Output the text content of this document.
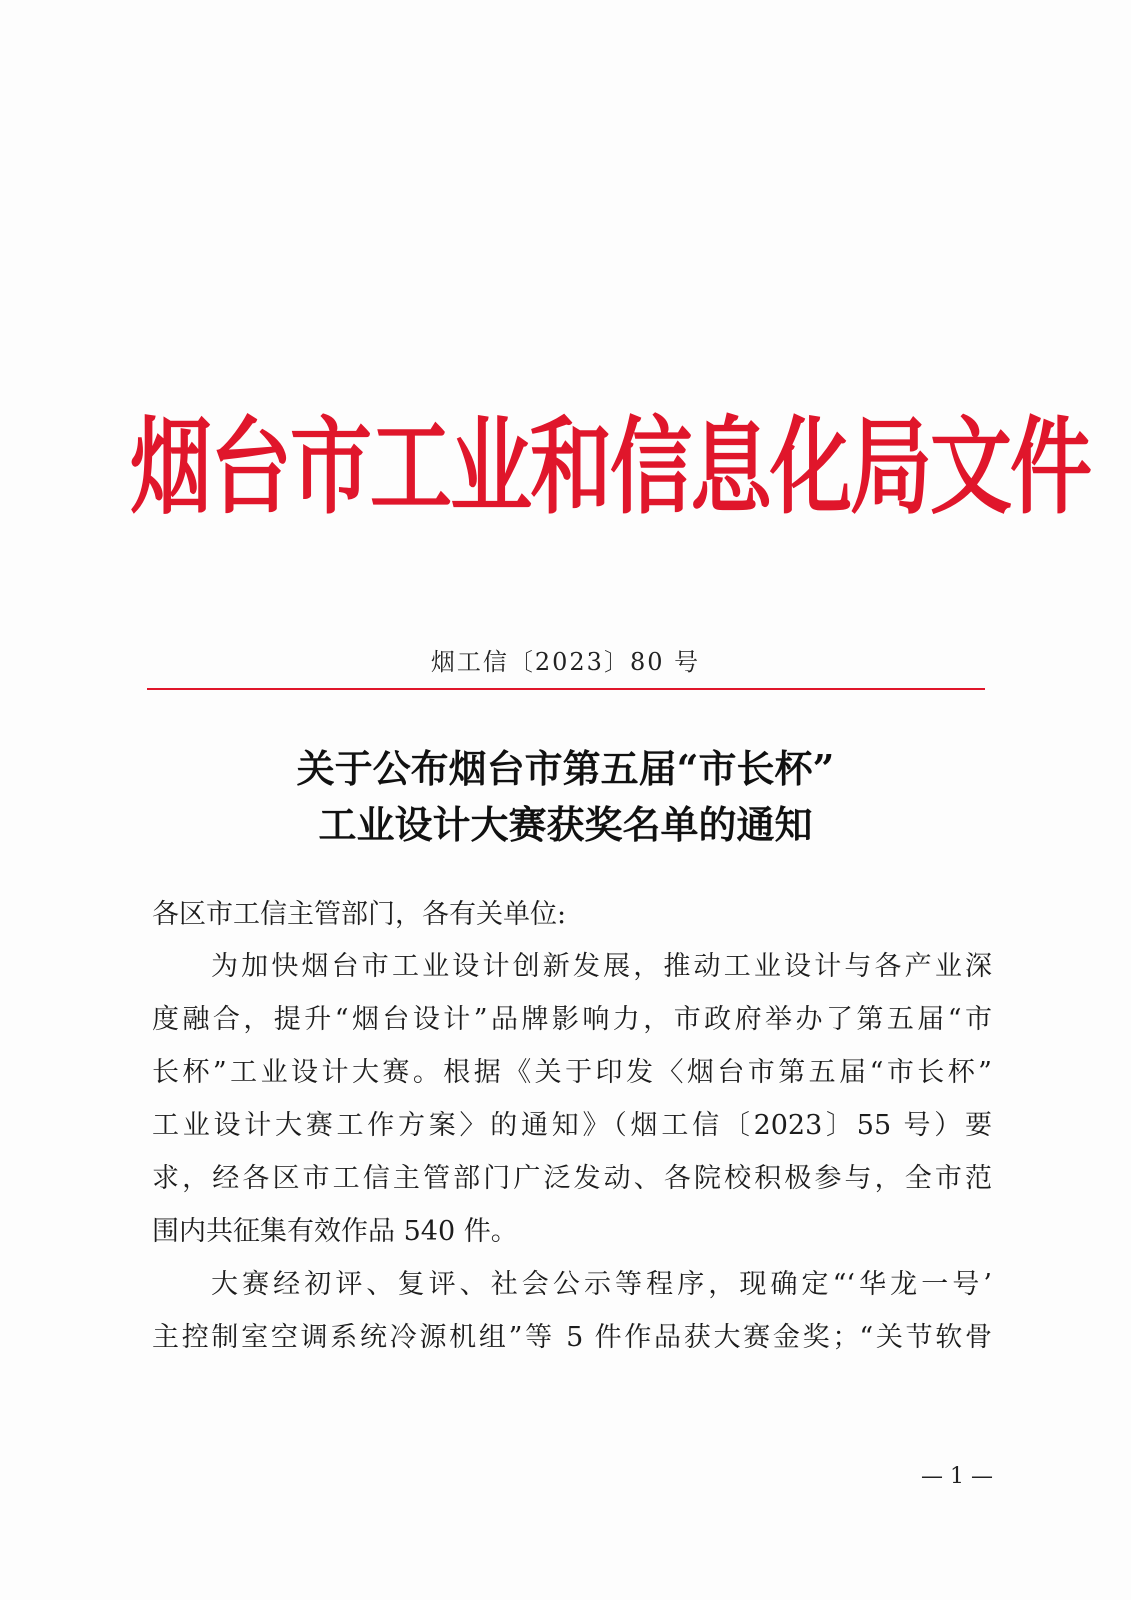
烟台市工业和信息化局文件
烟工信〔2023〕80 号
关于公布烟台市第五届“市长杯”
工业设计大赛获奖名单的通知
各区市工信主管部门，各有关单位:
为加快烟台市工业设计创新发展，推动工业设计与各产业深
度融合，提升“烟台设计”品牌影响力，市政府举办了第五届“市
长杯”工业设计大赛。根据《关于印发〈烟台市第五届“市长杯”
工业设计大赛工作方案〉的通知》（烟工信〔2023〕55 号）要
求，经各区市工信主管部门广泛发动、各院校积极参与，全市范
围内共征集有效作品 540 件。
大赛经初评、复评、社会公示等程序，现确定“‘华龙一号’
主控制室空调系统冷源机组”等 5 件作品获大赛金奖；“关节软骨
— 1 —
